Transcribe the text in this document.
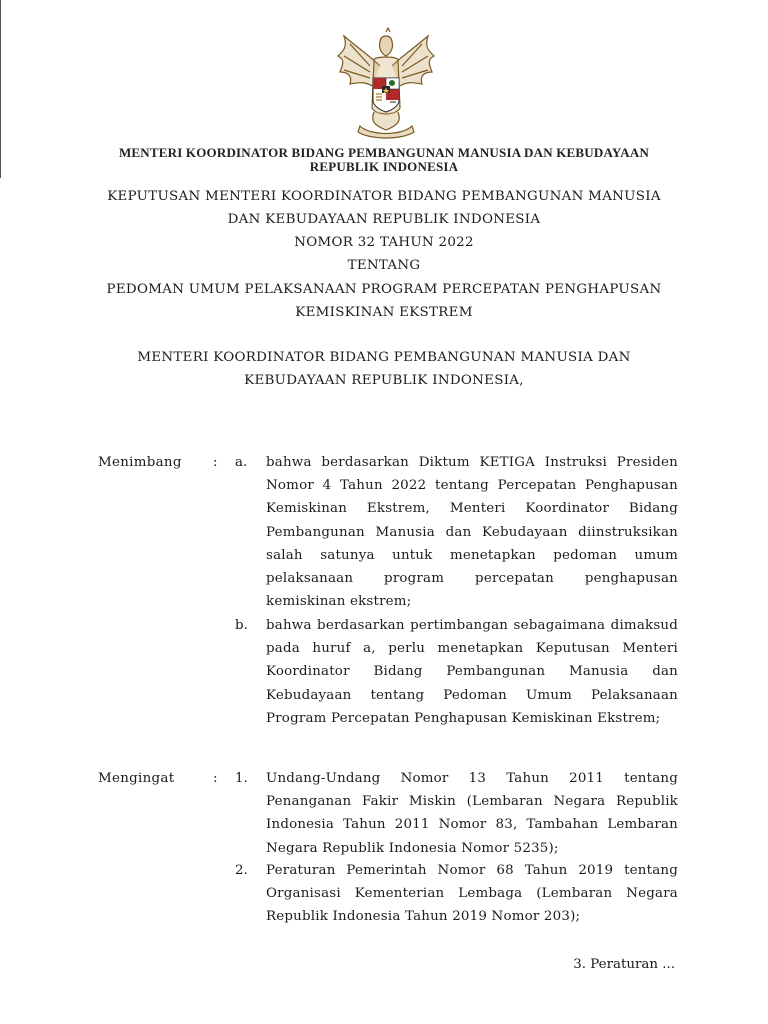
MENTERI KOORDINATOR BIDANG PEMBANGUNAN MANUSIA DAN KEBUDAYAAN
REPUBLIK INDONESIA
KEPUTUSAN MENTERI KOORDINATOR BIDANG PEMBANGUNAN MANUSIA
DAN KEBUDAYAAN REPUBLIK INDONESIA
NOMOR 32 TAHUN 2022
TENTANG
PEDOMAN UMUM PELAKSANAAN PROGRAM PERCEPATAN PENGHAPUSAN
KEMISKINAN EKSTREM
MENTERI KOORDINATOR BIDANG PEMBANGUNAN MANUSIA DAN
KEBUDAYAAN REPUBLIK INDONESIA,
Menimbang : a. bahwa berdasarkan Diktum KETIGA Instruksi Presiden Nomor 4 Tahun 2022 tentang Percepatan Penghapusan Kemiskinan Ekstrem, Menteri Koordinator Bidang Pembangunan Manusia dan Kebudayaan diinstruksikan salah satunya untuk menetapkan pedoman umum pelaksanaan program percepatan penghapusan kemiskinan ekstrem;
b. bahwa berdasarkan pertimbangan sebagaimana dimaksud pada huruf a, perlu menetapkan Keputusan Menteri Koordinator Bidang Pembangunan Manusia dan Kebudayaan tentang Pedoman Umum Pelaksanaan Program Percepatan Penghapusan Kemiskinan Ekstrem;
Mengingat	: 1. Undang-Undang Nomor 13 Tahun 2011 tentang Penanganan Fakir Miskin (Lembaran Negara Republik Indonesia Tahun 2011 Nomor 83, Tambahan Lembaran Negara Republik Indonesia Nomor 5235);
2. Peraturan Pemerintah Nomor 68 Tahun 2019 tentang Organisasi Kementerian Lembaga (Lembaran Negara Republik Indonesia Tahun 2019 Nomor 203);
3. Peraturan ...
